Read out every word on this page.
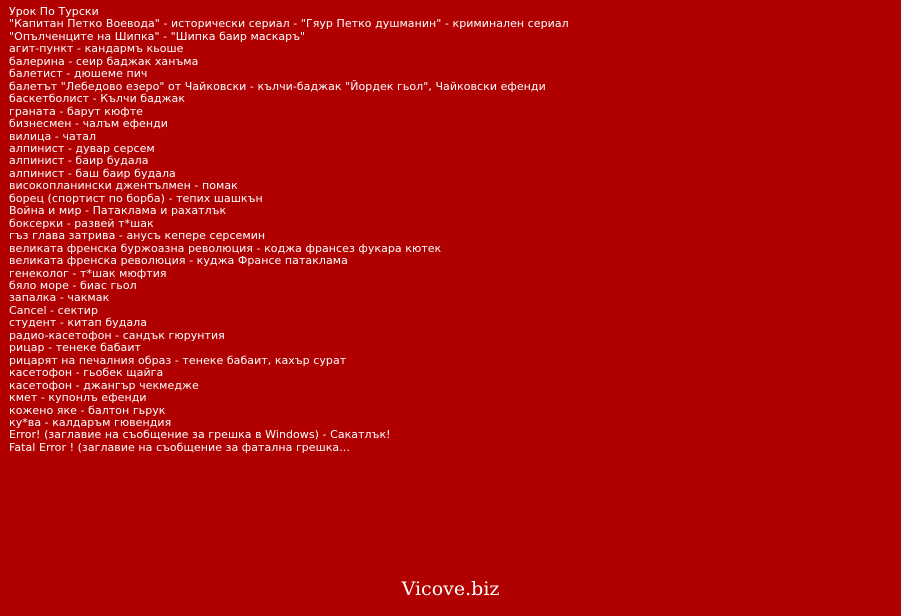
Урок По Турски
"Капитан Петко Воевода" - исторически сериал - "Гяур Петко душманин" - криминален сериал
"Опълченците на Шипка" - "Шипка баир маскаръ"
агит-пункт - кандармъ кьоше
балерина - сеир баджак ханъма
балетист - дюшеме пич
балетът "Лебедово езеро" от Чайковски - кълчи-баджак "Йордек гьол", Чайковски ефенди
баскетболист - Кълчи баджак
граната - барут кюфте
бизнесмен - чалъм ефенди
вилица - чатал
алпинист - дувар серсем
алпинист - баир будала
алпинист - баш баир будала
високопланински джентълмен - помак
борец (спортист по борба) - тепих шашкън
Война и мир - Патаклама и рахатлък
боксерки - развей т*шак
гъз глава затрива - анусъ кепере серсемин
великата френска буржоазна революция - коджа франсез фукара кютек
великата френска революция - куджа Франсе патаклама
генеколог - т*шак мюфтия
бяло море - биас гьол
запалка - чакмак
Cancel - сектир
студент - китап будала
радио-касетофон - сандък гюрунтия
рицар - тенеке бабаит
рицарят на печалния образ - тенеке бабаит, кахър сурат
касетофон - гьобек щайга
касетофон - джангър чекмедже
кмет - купонлъ ефенди
кожено яке - балтон гьрук
ку*ва - калдаръм гювендия
Error! (заглавие на съобщение за грешка в Windows) - Сакатлък!
Fatal Error ! (заглавие на съобщение за фатална грешка...
Vicove.biz
